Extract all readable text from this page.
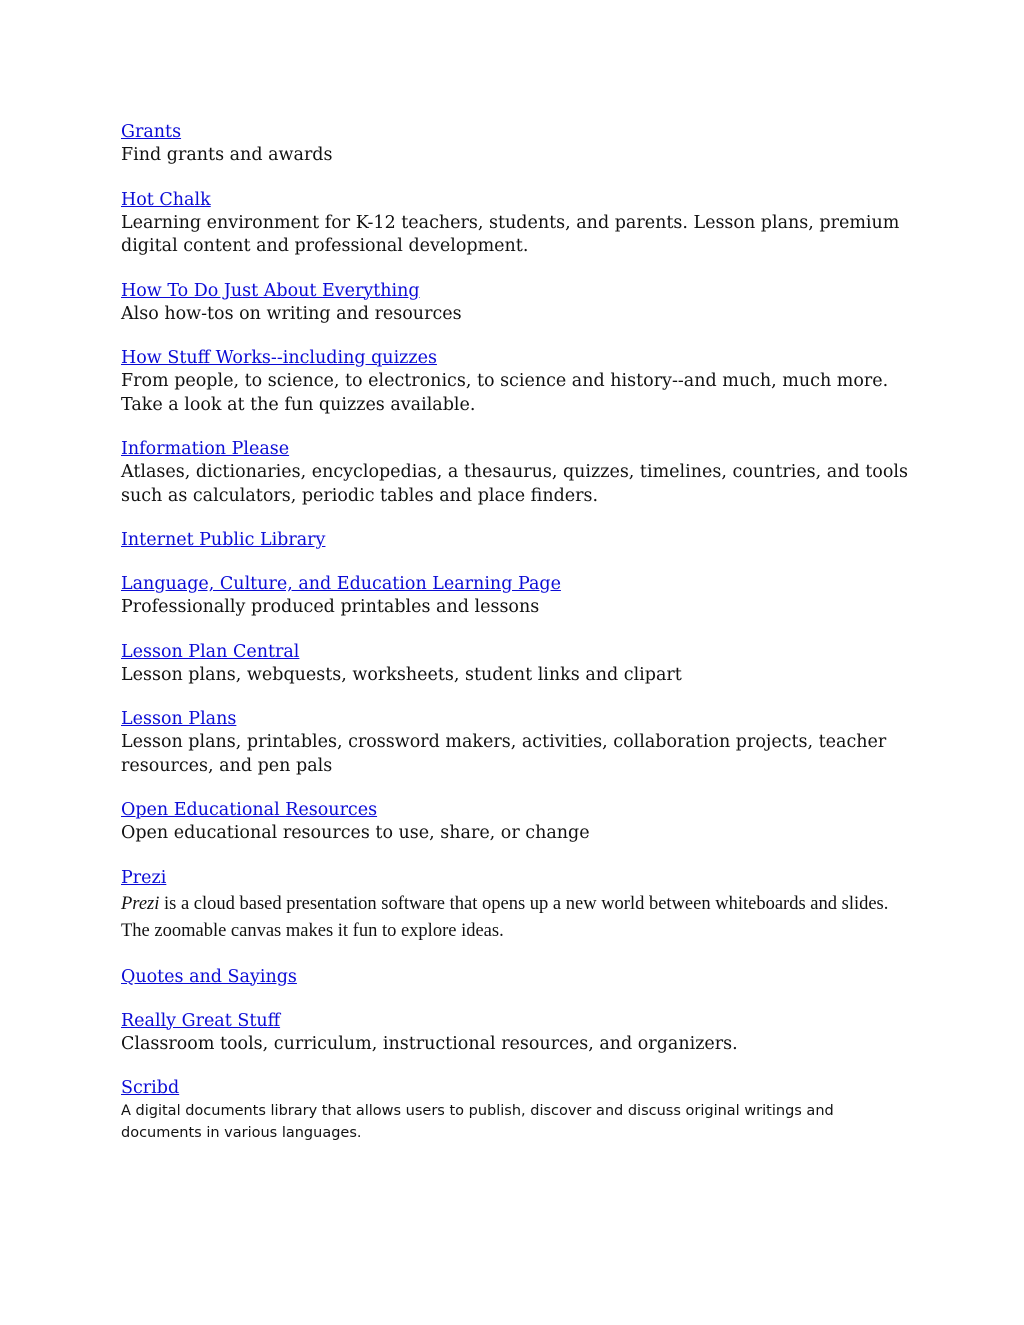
Grants

Find grants and awards

Hot Chalk

Learning environment for K-12 teachers, students, and parents. Lesson plans, premium digital content and professional development.

How To Do Just About Everything

Also how-tos on writing and resources

How Stuff Works--including quizzes

From people, to science, to electronics, to science and history--and much, much more. Take a look at the fun quizzes available.

Information Please

Atlases, dictionaries, encyclopedias, a thesaurus, quizzes, timelines, countries, and tools such as calculators, periodic tables and place finders.

Internet Public Library
Language, Culture, and Education Learning Page

Professionally produced printables and lessons

Lesson Plan Central

Lesson plans, webquests, worksheets, student links and clipart

Lesson Plans

Lesson plans, printables, crossword makers, activities, collaboration projects, teacher resources, and pen pals

Open Educational Resources

Open educational resources to use, share, or change

Prezi

Prezi is a cloud based presentation software that opens up a new world between whiteboards and slides. The zoomable canvas makes it fun to explore ideas.

Quotes and Sayings
Really Great Stuff

Classroom tools, curriculum, instructional resources, and organizers.

Scribd

A digital documents library that allows users to publish, discover and discuss original writings and documents in various languages.
